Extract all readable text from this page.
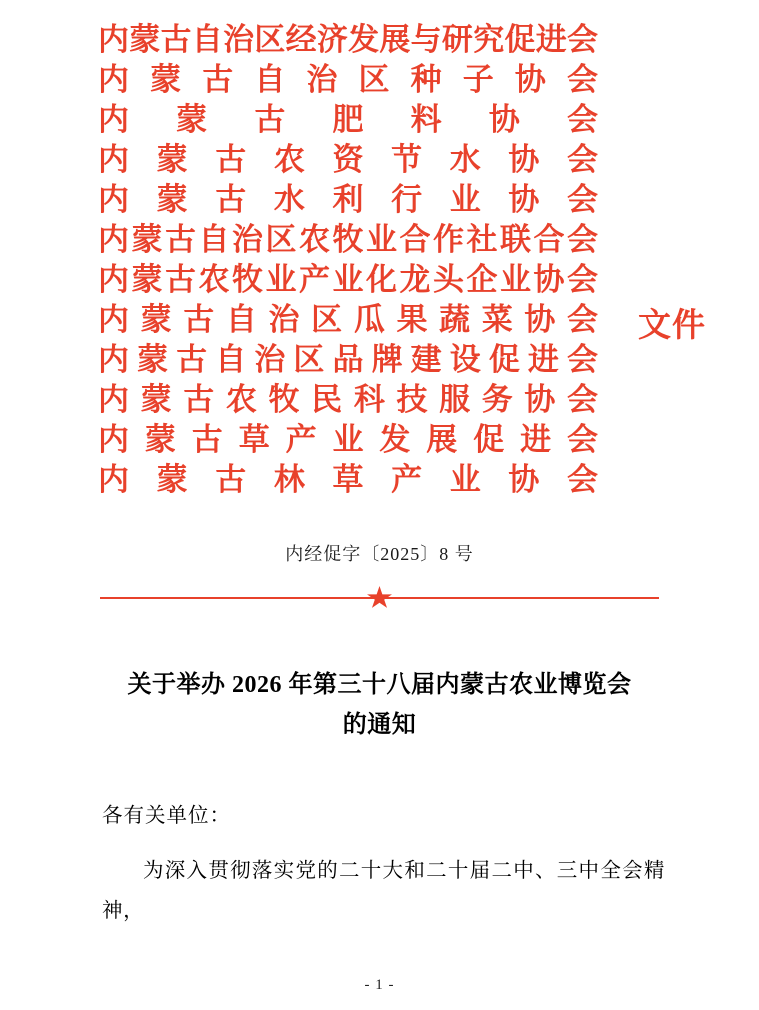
内蒙古自治区经济发展与研究促进会
内 蒙 古 自 治 区 种 子 协 会
内 蒙 古 肥 料 协 会
内 蒙 古 农 资 节 水 协 会
内 蒙 古 水 利 行 业 协 会
内蒙古自治区农牧业合作社联合会
内蒙古农牧业产业化龙头企业协会
内 蒙 古 自 治 区 瓜 果 蔬 菜 协 会
内 蒙 古 自 治 区 品 牌 建 设 促 进 会
内 蒙 古 农 牧 民 科 技 服 务 协 会
内 蒙 古 草 产 业 发 展 促 进 会
内 蒙 古 林 草 产 业 协 会
文件
内经促字〔2025〕8 号
关于举办 2026 年第三十八届内蒙古农业博览会
的通知
各有关单位：
为深入贯彻落实党的二十大和二十届二中、三中全会精神，
- 1 -
